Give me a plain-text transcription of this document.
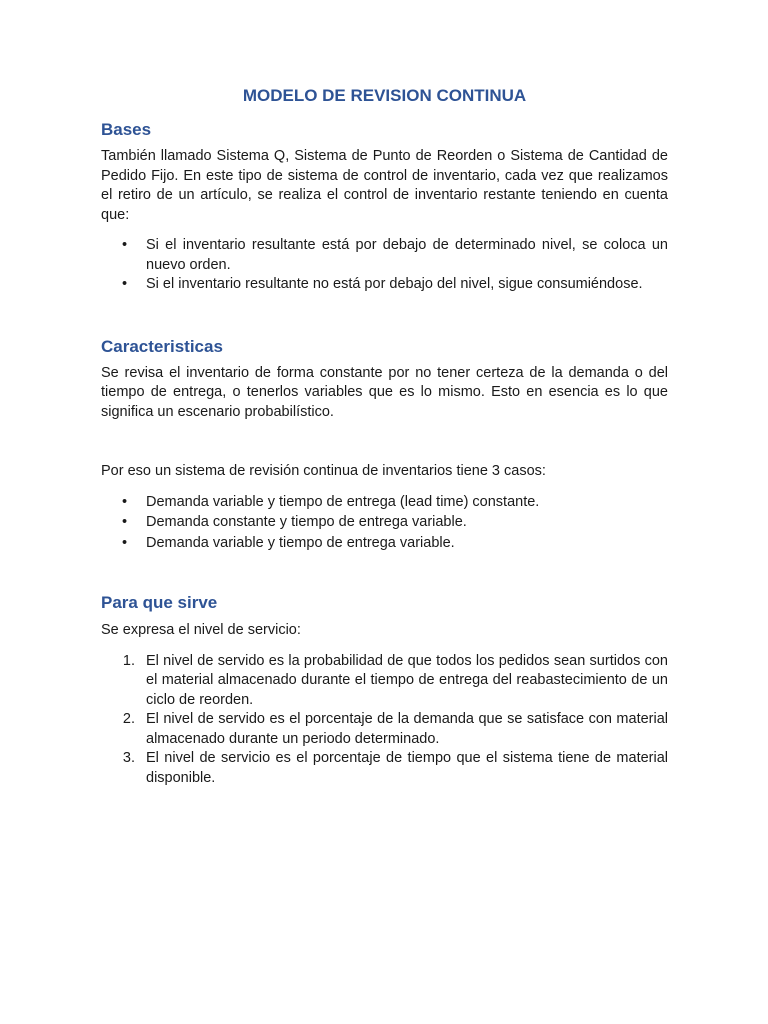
MODELO DE REVISION CONTINUA
Bases

También llamado Sistema Q, Sistema de Punto de Reorden o Sistema de Cantidad de Pedido Fijo. En este tipo de sistema de control de inventario, cada vez que realizamos el retiro de un artículo, se realiza el control de inventario restante teniendo en cuenta que:

• Si el inventario resultante está por debajo de determinado nivel, se coloca un nuevo orden.
• Si el inventario resultante no está por debajo del nivel, sigue consumiéndose.
Caracteristicas

Se revisa el inventario de forma constante por no tener certeza de la demanda o del tiempo de entrega, o tenerlos variables que es lo mismo. Esto en esencia es lo que significa un escenario probabilístico.

Por eso un sistema de revisión continua de inventarios tiene 3 casos:

• Demanda variable y tiempo de entrega (lead time) constante.
• Demanda constante y tiempo de entrega variable.
• Demanda variable y tiempo de entrega variable.
Para que sirve

Se expresa el nivel de servicio:

1. El nivel de servido es la probabilidad de que todos los pedidos sean surtidos con el material almacenado durante el tiempo de entrega del reabastecimiento de un ciclo de reorden.
2. El nivel de servido es el porcentaje de la demanda que se satisface con material almacenado durante un periodo determinado.
3. El nivel de servicio es el porcentaje de tiempo que el sistema tiene de material disponible.
